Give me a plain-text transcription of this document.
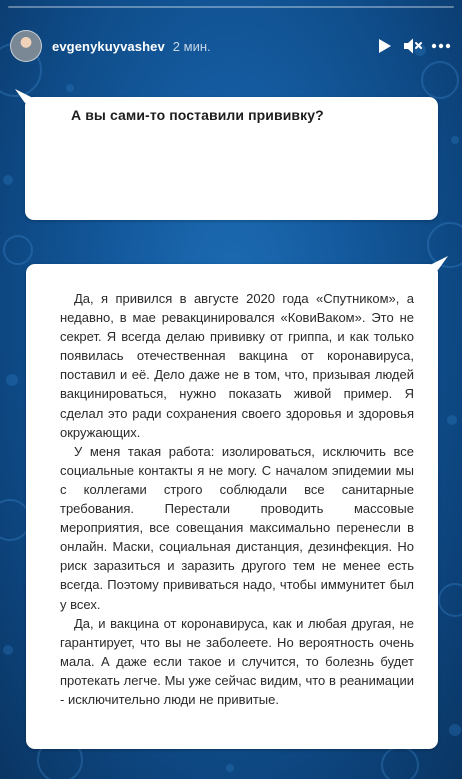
evgenykuyvashev 2 мин.
А вы сами-то поставили прививку?

Да, я привился в августе 2020 года «Спутником», а недавно, в мае ревакцинировался «КовиВаком». Это не секрет. Я всегда делаю прививку от гриппа, и как только появилась отечественная вакцина от коронавируса, поставил и её. Дело даже не в том, что, призывая людей вакцинироваться, нужно показать живой пример. Я сделал это ради сохранения своего здоровья и здоровья окружающих.

У меня такая работа: изолироваться, исключить все социальные контакты я не могу. С началом эпидемии мы с коллегами строго соблюдали все санитарные требования. Перестали проводить массовые мероприятия, все совещания максимально перенесли в онлайн. Маски, социальная дистанция, дезинфекция. Но риск заразиться и заразить другого тем не менее есть всегда. Поэтому прививаться надо, чтобы иммунитет был у всех.

Да, и вакцина от коронавируса, как и любая другая, не гарантирует, что вы не заболеете. Но вероятность очень мала. А даже если такое и случится, то болезнь будет протекать легче. Мы уже сейчас видим, что в реанимации - исключительно люди не привитые.
